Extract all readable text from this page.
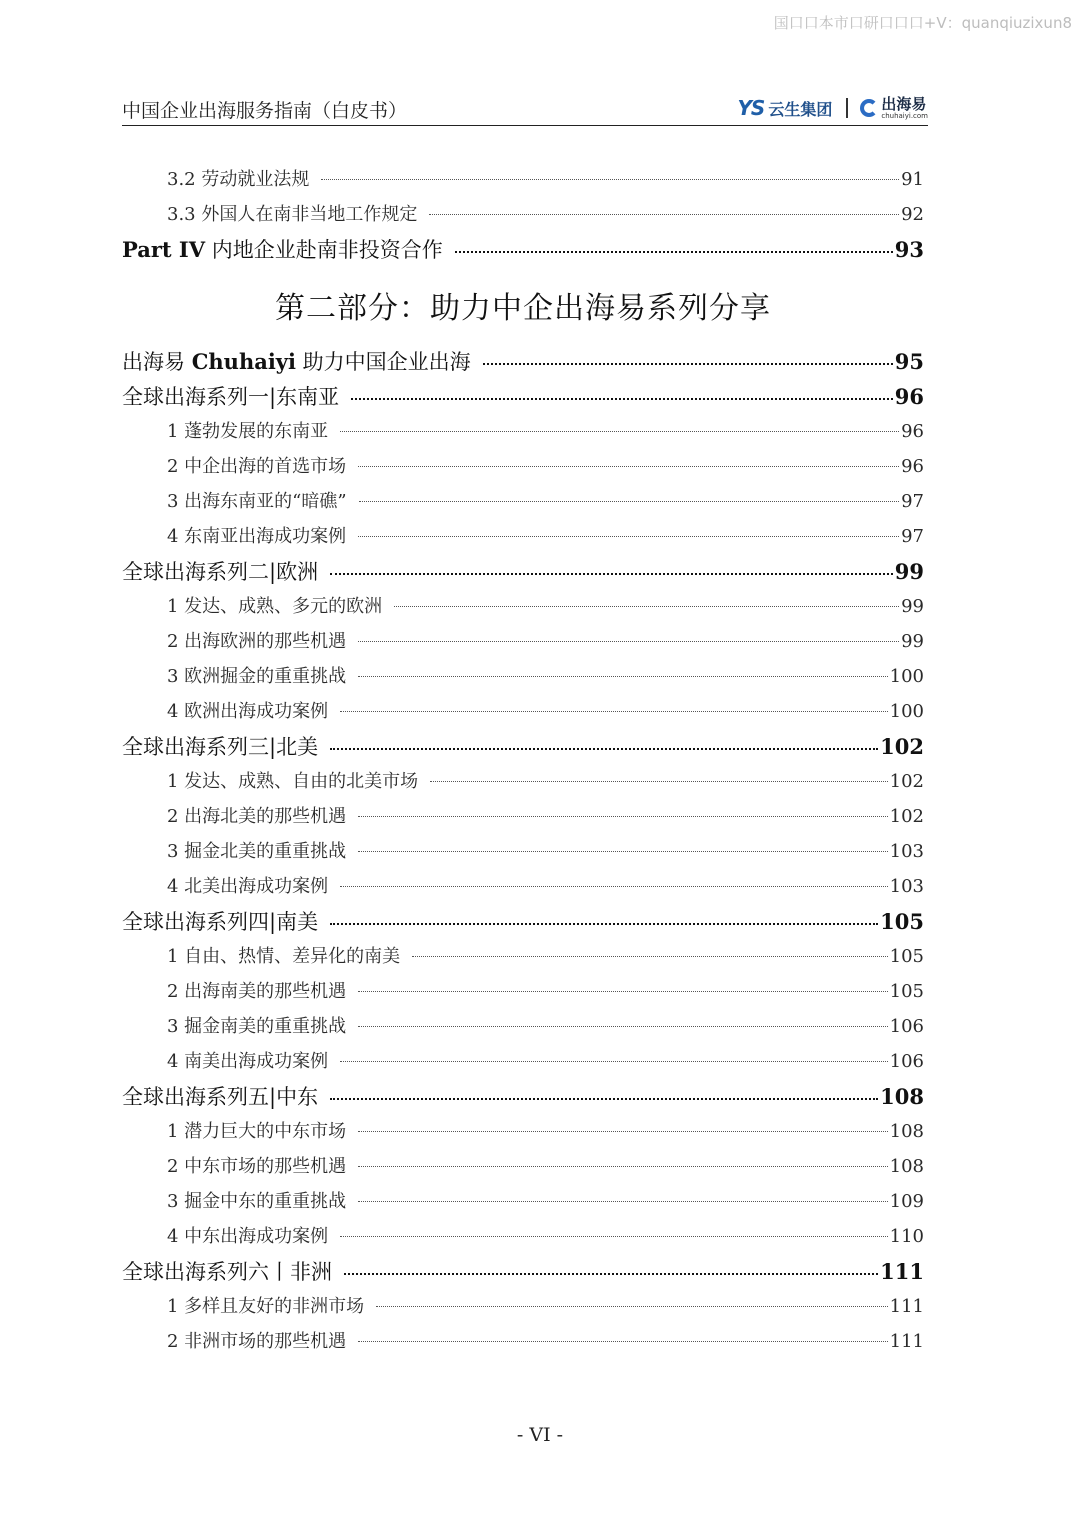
国口口本市口研口口口+V：quanqiuzixun8
中国企业出海服务指南（白皮书）	YS 云生集团	出海易
chuhaiyi.com
3.2 劳动就业法规	91
3.3 外国人在南非当地工作规定	92
Part IV 内地企业赴南非投资合作	93
第二部分：助力中企出海易系列分享
出海易 Chuhaiyi 助力中国企业出海	95
全球出海系列一|东南亚	96
1 蓬勃发展的东南亚	96
2 中企出海的首选市场	96
3 出海东南亚的“暗礁”	97
4 东南亚出海成功案例	97
全球出海系列二|欧洲	99
1 发达、成熟、多元的欧洲	99
2 出海欧洲的那些机遇	99
3 欧洲掘金的重重挑战	100
4 欧洲出海成功案例	100
全球出海系列三|北美	102
1 发达、成熟、自由的北美市场	102
2 出海北美的那些机遇	102
3 掘金北美的重重挑战	103
4 北美出海成功案例	103
全球出海系列四|南美	105
1 自由、热情、差异化的南美	105
2 出海南美的那些机遇	105
3 掘金南美的重重挑战	106
4 南美出海成功案例	106
全球出海系列五|中东	108
1 潜力巨大的中东市场	108
2 中东市场的那些机遇	108
3 掘金中东的重重挑战	109
4 中东出海成功案例	110
全球出海系列六丨非洲	111
1 多样且友好的非洲市场	111
2 非洲市场的那些机遇	111
- VI -
